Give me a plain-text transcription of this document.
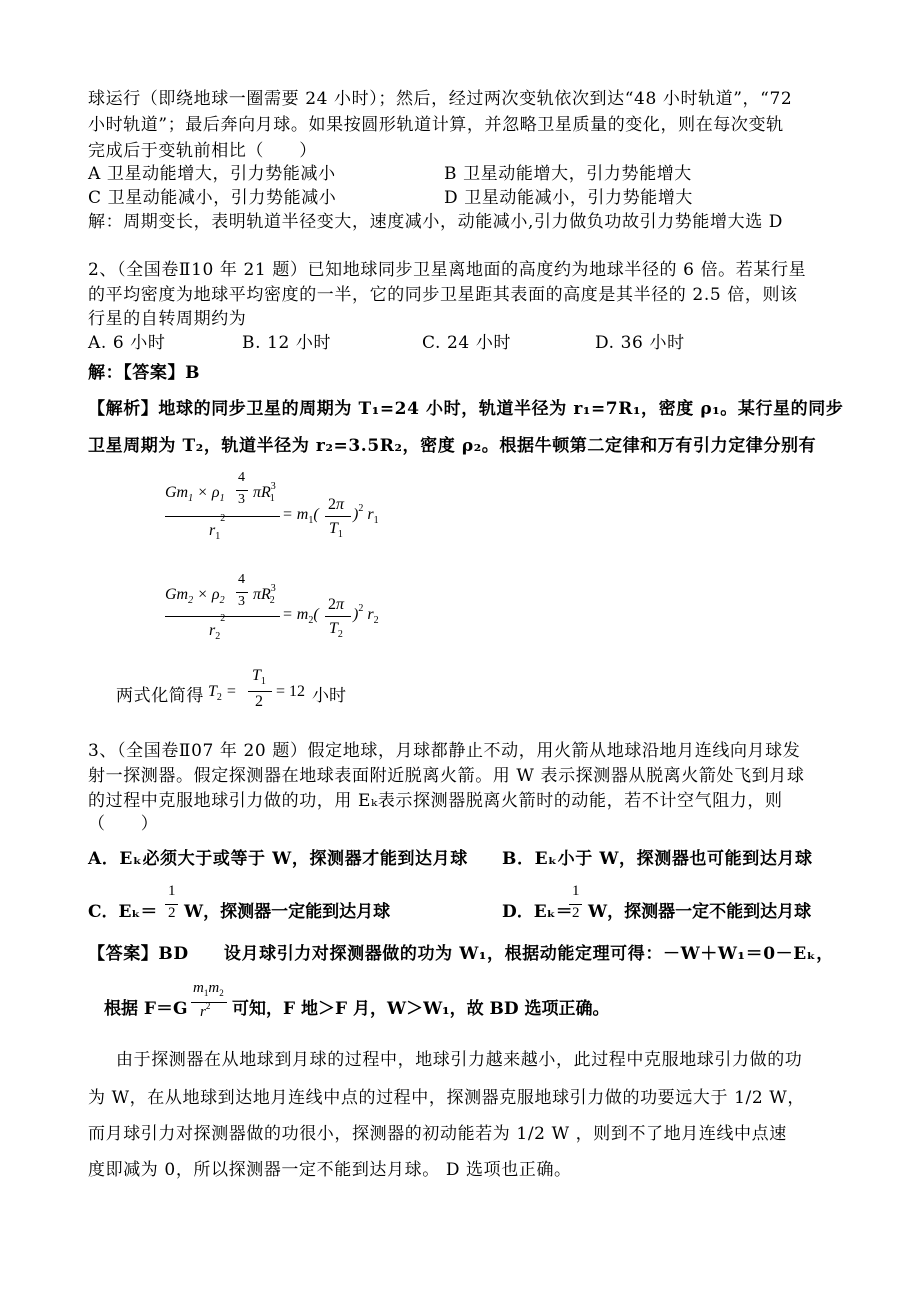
球运行（即绕地球一圈需要 24 小时）；然后，经过两次变轨依次到达“48 小时轨道”，“72
小时轨道”；最后奔向月球。如果按圆形轨道计算，并忽略卫星质量的变化，则在每次变轨
完成后于变轨前相比（　　）
A 卫星动能增大，引力势能减小	B 卫星动能增大，引力势能增大
C 卫星动能减小，引力势能减小	D 卫星动能减小，引力势能增大
解：周期变长，表明轨道半径变大，速度减小，动能减小,引力做负功故引力势能增大选 D
2、（全国卷Ⅱ10 年 21 题）已知地球同步卫星离地面的高度约为地球半径的 6 倍。若某行星
的平均密度为地球平均密度的一半，它的同步卫星距其表面的高度是其半径的 2.5 倍，则该
行星的自转周期约为
A. 6 小时	B. 12 小时	C. 24 小时	D. 36 小时
解：【答案】B
【解析】地球的同步卫星的周期为 T₁=24 小时，轨道半径为 r₁=7R₁，密度 ρ₁。某行星的同步
卫星周期为 T₂，轨道半径为 r₂=3.5R₂，密度 ρ₂。根据牛顿第二定律和万有引力定律分别有
$Gm_1 \times \rho_1$
4
3 $\pi R^3_1$
$r_1^2$	= $m_1$(
2π
$T_1$
)$^2$ $r_1$
$Gm_2 \times \rho_2$
4
3 $\pi R^3_2$
$r_2^2$	= $m_2$(
2π
$T_2$
)$^2$ $r_2$
两式化简得 $T_2$ =
$T_1$
2
= 12 小时
3、（全国卷Ⅱ07 年 20 题）假定地球，月球都静止不动，用火箭从地球沿地月连线向月球发
射一探测器。假定探测器在地球表面附近脱离火箭。用 W 表示探测器从脱离火箭处飞到月球
的过程中克服地球引力做的功，用 Eₖ表示探测器脱离火箭时的动能，若不计空气阻力，则
（　　）
A．Eₖ必须大于或等于 W，探测器才能到达月球 B．Eₖ小于 W，探测器也可能到达月球
C．Eₖ＝
1
2 W，探测器一定能到达月球	D．Eₖ＝
1
2 W，探测器一定不能到达月球
【答案】BD　　设月球引力对探测器做的功为 W₁，根据动能定理可得：－W＋W₁＝0－Eₖ，
根据 F＝G
$m_1m_2$
$r^2$ 可知，F 地＞F 月，W＞W₁，故 BD 选项正确。
由于探测器在从地球到月球的过程中，地球引力越来越小，此过程中克服地球引力做的功
为 W，在从地球到达地月连线中点的过程中，探测器克服地球引力做的功要远大于 1/2 W，
而月球引力对探测器做的功很小，探测器的初动能若为 1/2 W ，则到不了地月连线中点速
度即减为 0，所以探测器一定不能到达月球。 D 选项也正确。
